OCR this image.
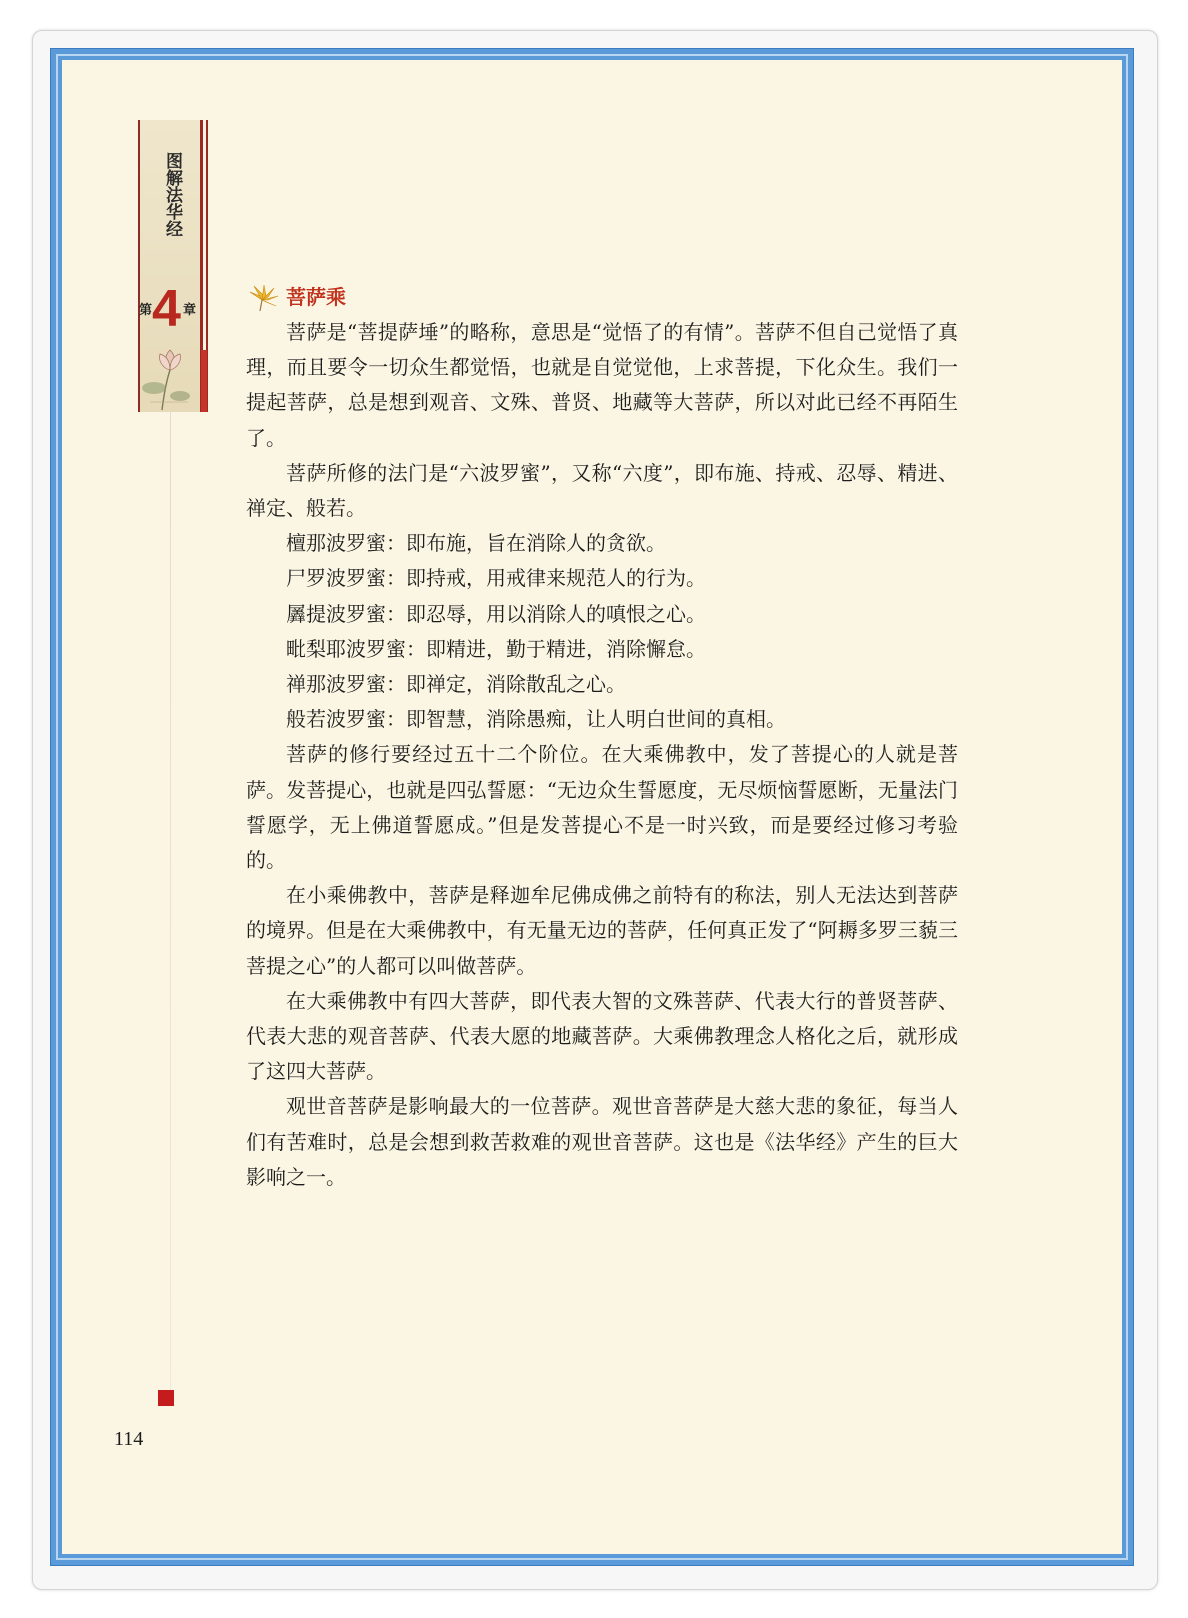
图解法华经
第 4 章
菩萨乘

菩萨是“菩提萨埵”的略称，意思是“觉悟了的有情”。菩萨不但自己觉悟了真理，而且要令一切众生都觉悟，也就是自觉觉他，上求菩提，下化众生。我们一提起菩萨，总是想到观音、文殊、普贤、地藏等大菩萨，所以对此已经不再陌生了。

菩萨所修的法门是“六波罗蜜”，又称“六度”，即布施、持戒、忍辱、精进、禅定、般若。

檀那波罗蜜：即布施，旨在消除人的贪欲。

尸罗波罗蜜：即持戒，用戒律来规范人的行为。

羼提波罗蜜：即忍辱，用以消除人的嗔恨之心。

毗梨耶波罗蜜：即精进，勤于精进，消除懈怠。

禅那波罗蜜：即禅定，消除散乱之心。

般若波罗蜜：即智慧，消除愚痴，让人明白世间的真相。

菩萨的修行要经过五十二个阶位。在大乘佛教中，发了菩提心的人就是菩萨。发菩提心，也就是四弘誓愿：“无边众生誓愿度，无尽烦恼誓愿断，无量法门誓愿学，无上佛道誓愿成。”但是发菩提心不是一时兴致，而是要经过修习考验的。

在小乘佛教中，菩萨是释迦牟尼佛成佛之前特有的称法，别人无法达到菩萨的境界。但是在大乘佛教中，有无量无边的菩萨，任何真正发了“阿耨多罗三藐三菩提之心”的人都可以叫做菩萨。

在大乘佛教中有四大菩萨，即代表大智的文殊菩萨、代表大行的普贤菩萨、代表大悲的观音菩萨、代表大愿的地藏菩萨。大乘佛教理念人格化之后，就形成了这四大菩萨。

观世音菩萨是影响最大的一位菩萨。观世音菩萨是大慈大悲的象征，每当人们有苦难时，总是会想到救苦救难的观世音菩萨。这也是《法华经》产生的巨大影响之一。

114
